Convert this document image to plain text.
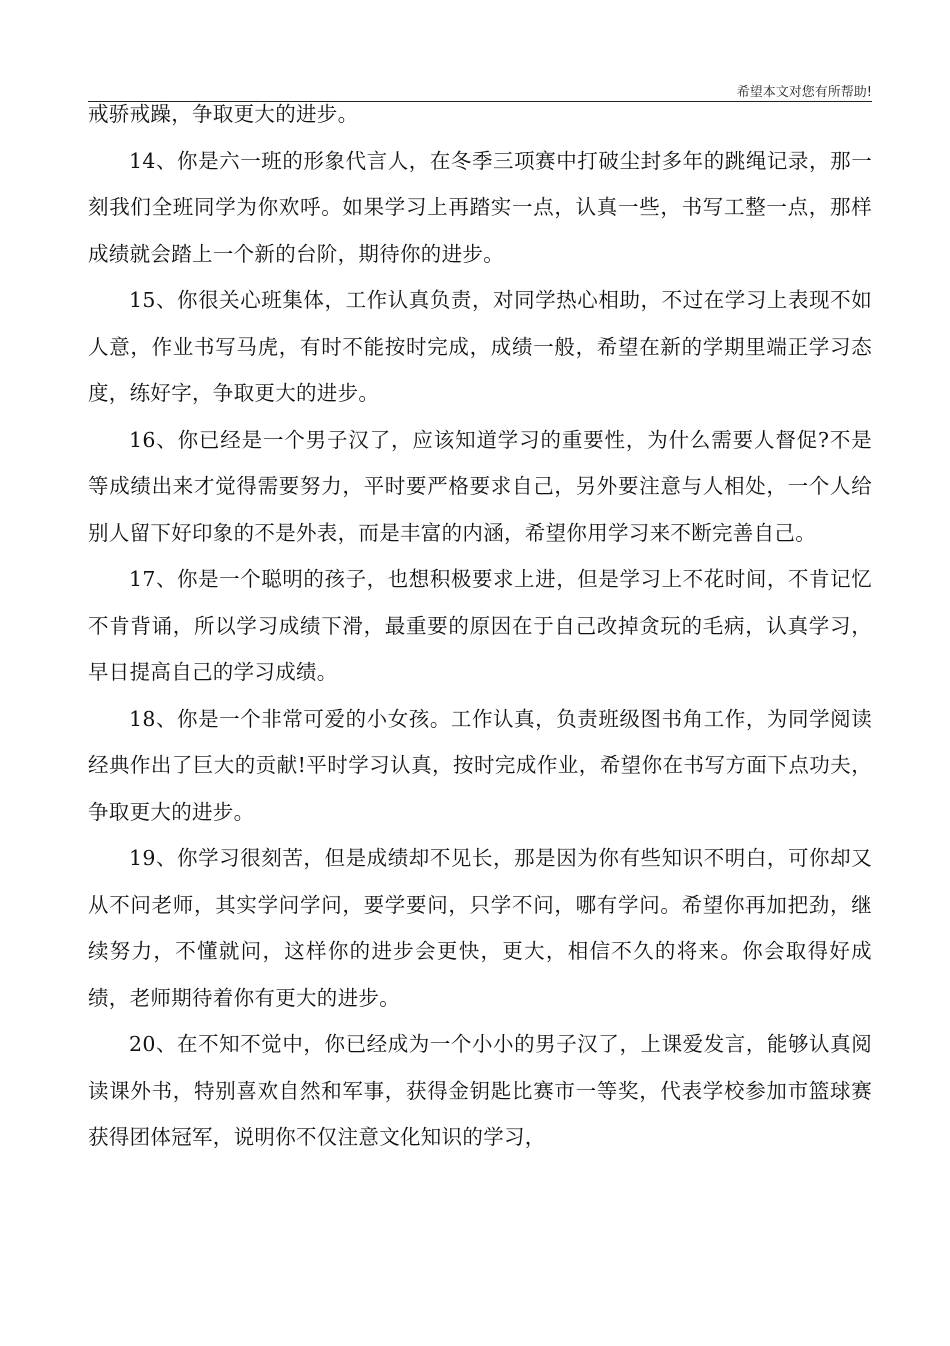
希望本文对您有所帮助!

戒骄戒躁，争取更大的进步。

14、你是六一班的形象代言人，在冬季三项赛中打破尘封多年的跳绳记录，那一刻我们全班同学为你欢呼。如果学习上再踏实一点，认真一些，书写工整一点，那样成绩就会踏上一个新的台阶，期待你的进步。

15、你很关心班集体，工作认真负责，对同学热心相助，不过在学习上表现不如人意，作业书写马虎，有时不能按时完成，成绩一般，希望在新的学期里端正学习态度，练好字，争取更大的进步。

16、你已经是一个男子汉了，应该知道学习的重要性，为什么需要人督促?不是等成绩出来才觉得需要努力，平时要严格要求自己，另外要注意与人相处，一个人给别人留下好印象的不是外表，而是丰富的内涵，希望你用学习来不断完善自己。

17、你是一个聪明的孩子，也想积极要求上进，但是学习上不花时间，不肯记忆不肯背诵，所以学习成绩下滑，最重要的原因在于自己改掉贪玩的毛病，认真学习，早日提高自己的学习成绩。

18、你是一个非常可爱的小女孩。工作认真，负责班级图书角工作，为同学阅读经典作出了巨大的贡献!平时学习认真，按时完成作业，希望你在书写方面下点功夫，争取更大的进步。

19、你学习很刻苦，但是成绩却不见长，那是因为你有些知识不明白，可你却又从不问老师，其实学问学问，要学要问，只学不问，哪有学问。希望你再加把劲，继续努力，不懂就问，这样你的进步会更快，更大，相信不久的将来。你会取得好成绩，老师期待着你有更大的进步。

20、在不知不觉中，你已经成为一个小小的男子汉了，上课爱发言，能够认真阅读课外书，特别喜欢自然和军事，获得金钥匙比赛市一等奖，代表学校参加市篮球赛获得团体冠军，说明你不仅注意文化知识的学习，
